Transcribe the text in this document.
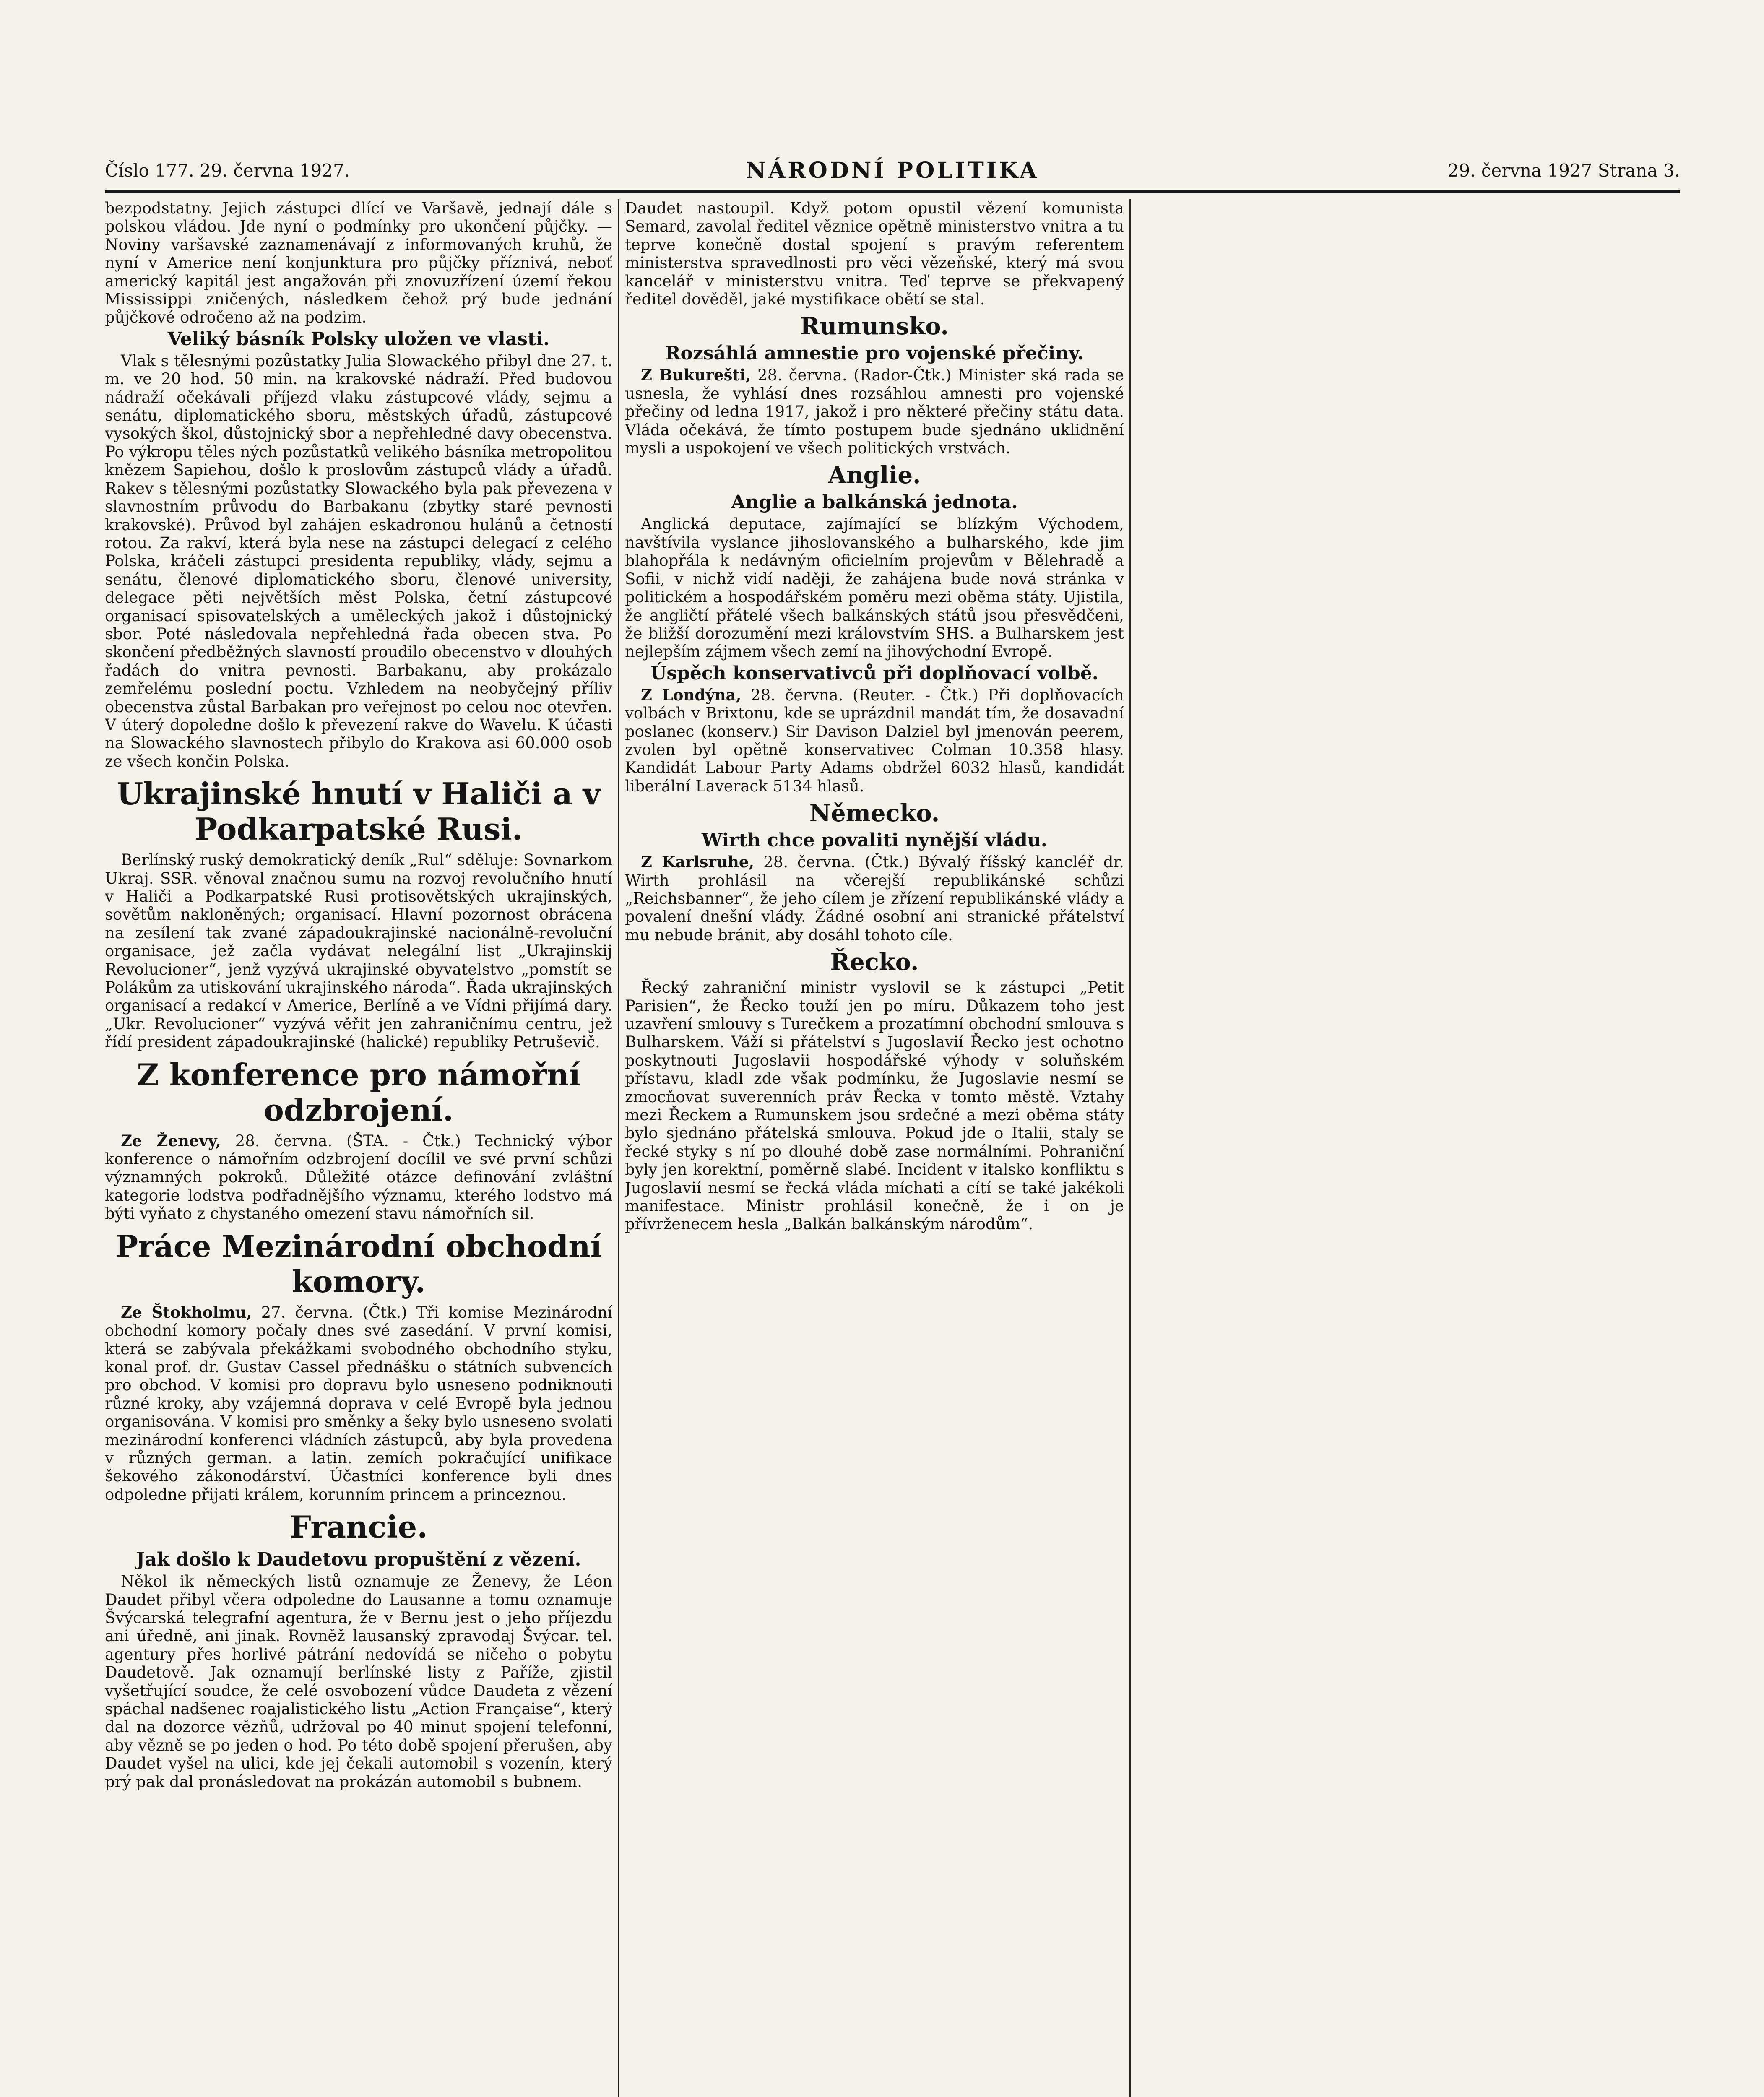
Číslo 177. 29. června 1927.	NÁRODNÍ POLITIKA	29. června 1927 Strana 3.

bezpodstatny. Jejich zástupci dlící ve Varšavě, jednají dále s polskou vládou. Jde nyní o podmínky pro ukončení půjčky. — Noviny varšavské zaznamenávají z informovaných kruhů, že nyní v Americe není konjunktura pro půjčky příznivá, neboť americký kapitál jest angažován při znovuzřízení území řekou Mississippi zničených, následkem čehož prý bude jednání půjčkové odročeno až na podzim.

Veliký básník Polsky uložen ve vlasti.

Vlak s tělesnými pozůstatky Julia Slowackého přibyl dne 27. t. m. ve 20 hod. 50 min. na krakovské nádraží. Před budovou nádraží očekávali příjezd vlaku zástupcové vlády, sejmu a senátu, diplomatického sboru, městských úřadů, zástupcové vysokých škol, důstojnický sbor a nepřehledné davy obecenstva. Po výkropu těles ných pozůstatků velikého básníka metropolitou knězem Sapiehou, došlo k proslovům zástupců vlády a úřadů. Rakev s tělesnými pozůstatky Slowackého byla pak převezena v slavnostním průvodu do Barbakanu (zbytky staré pevnosti krakovské). Průvod byl zahájen eskadronou hulánů a četností rotou. Za rakví, která byla nese na zástupci delegací z celého Polska, kráčeli zástupci presidenta republiky, vlády, sejmu a senátu, členové diplomatického sboru, členové university, delegace pěti největších měst Polska, četní zástupcové organisací spisovatelských a uměleckých jakož i důstojnický sbor. Poté následovala nepřehledná řada obecen stva. Po skončení předběžných slavností proudilo obecenstvo v dlouhých řadách do vnitra pevnosti. Barbakanu, aby prokázalo zemřelému poslední poctu. Vzhledem na neobyčejný příliv obecenstva zůstal Barbakan pro veřejnost po celou noc otevřen. V úterý dopoledne došlo k převezení rakve do Wavelu. K účasti na Slowackého slavnostech přibylo do Krakova asi 60.000 osob ze všech končin Polska.

Ukrajinské hnutí v Haliči a v Podkarpatské Rusi.

Berlínský ruský demokratický deník „Rul“ sděluje: Sovnarkom Ukraj. SSR. věnoval značnou sumu na rozvoj revolučního hnutí v Haliči a Podkarpatské Rusi protisovětských ukrajinských, sovětům nakloněných; organisací. Hlavní pozornost obrácena na zesílení tak zvané západoukrajinské nacionálně-revoluční organisace, jež začla vydávat nelegální list „Ukrajinskij Revolucioner“, jenž vyzývá ukrajinské obyvatelstvo „pomstít se Polákům za utiskování ukrajinského národa“. Řada ukrajinských organisací a redakcí v Americe, Berlíně a ve Vídni přijímá dary. „Ukr. Revolucioner“ vyzývá věřit jen zahraničnímu centru, jež řídí president západoukrajinské (halické) republiky Petruševič.

Z konference pro námořní odzbrojení.

Ze Ženevy, 28. června. (ŠTA. - Čtk.) Technický výbor konference o námořním odzbrojení docílil ve své první schůzi významných pokroků. Důležité otázce definování zvláštní kategorie lodstva podřadnějšího významu, kterého lodstvo má býti vyňato z chystaného omezení stavu námořních sil.

Práce Mezinárodní obchodní komory.

Ze Štokholmu, 27. června. (Čtk.) Tři komise Mezinárodní obchodní komory počaly dnes své zasedání. V první komisi, která se zabývala překážkami svobodného obchodního styku, konal prof. dr. Gustav Cassel přednášku o státních subvencích pro obchod. V komisi pro dopravu bylo usneseno podniknouti různé kroky, aby vzájemná doprava v celé Evropě byla jednou organisována. V komisi pro směnky a šeky bylo usneseno svolati mezinárodní konferenci vládních zástupců, aby byla provedena v různých german. a latin. zemích pokračující unifikace šekového zákonodárství. Účastníci konference byli dnes odpoledne přijati králem, korunním princem a princeznou.

Francie.
Jak došlo k Daudetovu propuštění z vězení.

Někol ik německých listů oznamuje ze Ženevy, že Léon Daudet přibyl včera odpoledne do Lausanne a tomu oznamuje Švýcarská telegrafní agentura, že v Bernu jest o jeho příjezdu ani úředně, ani jinak. Rovněž lausanský zpravodaj Švýcar. tel. agentury přes horlivé pátrání nedovídá se ničeho o pobytu Daudetově. Jak oznamují berlínské listy z Paříže, zjistil vyšetřující soudce, že celé osvobození vůdce Daudeta z vězení spáchal nadšenec roajalistického listu „Action Française“, který dal na dozorce vězňů, udržoval po 40 minut spojení telefonní, aby vězně se po jeden o hod. Po této době spojení přerušen, aby Daudet vyšel na ulici, kde jej čekali automobil s vozenín, který prý pak dal pronásledovat na prokázán automobil s bubnem.

Daudet nastoupil. Když potom opustil vězení komunista Semard, zavolal ředitel věznice opětně ministerstvo vnitra a tu teprve konečně dostal spojení s pravým referentem ministerstva spravedlnosti pro věci vězeňské, který má svou kancelář v ministerstvu vnitra. Teď teprve se překvapený ředitel dověděl, jaké mystifikace obětí se stal.

Rumunsko.
Rozsáhlá amnestie pro vojenské přečiny.

Z Bukurešti, 28. června. (Rador-Čtk.) Minister ská rada se usnesla, že vyhlásí dnes rozsáhlou amnesti pro vojenské přečiny od ledna 1917, jakož i pro některé přečiny státu data. Vláda očekává, že tímto postupem bude sjednáno uklidnění mysli a uspokojení ve všech politických vrstvách.

Anglie.
Anglie a balkánská jednota.

Anglická deputace, zajímající se blízkým Východem, navštívila vyslance jihoslovanského a bulharského, kde jim blahopřála k nedávným oficielním projevům v Bělehradě a Sofii, v nichž vidí naději, že zahájena bude nová stránka v politickém a hospodářském poměru mezi oběma státy. Ujistila, že angličtí přátelé všech balkánských států jsou přesvědčeni, že bližší dorozumění mezi královstvím SHS. a Bulharskem jest nejlepším zájmem všech zemí na jihovýchodní Evropě.

Úspěch konservativců při doplňovací volbě.

Z Londýna, 28. června. (Reuter. - Čtk.) Při doplňovacích volbách v Brixtonu, kde se uprázdnil mandát tím, že dosavadní poslanec (konserv.) Sir Davison Dalziel byl jmenován peerem, zvolen byl opětně konservativec Colman 10.358 hlasy. Kandidát Labour Party Adams obdržel 6032 hlasů, kandidát liberální Laverack 5134 hlasů.

Německo.
Wirth chce povaliti nynější vládu.

Z Karlsruhe, 28. června. (Čtk.) Bývalý říšský kancléř dr. Wirth prohlásil na včerejší republikánské schůzi „Reichsbanner“, že jeho cílem je zřízení republikánské vlády a povalení dnešní vlády. Žádné osobní ani stranické přátelství mu nebude bránit, aby dosáhl tohoto cíle.

Řecko.

Řecký zahraniční ministr vyslovil se k zástupci „Petit Parisien“, že Řecko touží jen po míru. Důkazem toho jest uzavření smlouvy s Turečkem a prozatímní obchodní smlouva s Bulharskem. Váží si přátelství s Jugoslavií Řecko jest ochotno poskytnouti Jugoslavii hospodářské výhody v soluňském přístavu, kladl zde však podmínku, že Jugoslavie nesmí se zmocňovat suverenních práv Řecka v tomto městě. Vztahy mezi Řeckem a Rumunskem jsou srdečné a mezi oběma státy bylo sjednáno přátelská smlouva. Pokud jde o Italii, staly se řecké styky s ní po dlouhé době zase normálními. Pohraniční byly jen korektní, poměrně slabé. Incident v italsko konfliktu s Jugoslavií nesmí se řecká vláda míchati a cítí se také jakékoli manifestace. Ministr prohlásil konečně, že i on je přívrženecem hesla „Balkán balkánským národům“.
